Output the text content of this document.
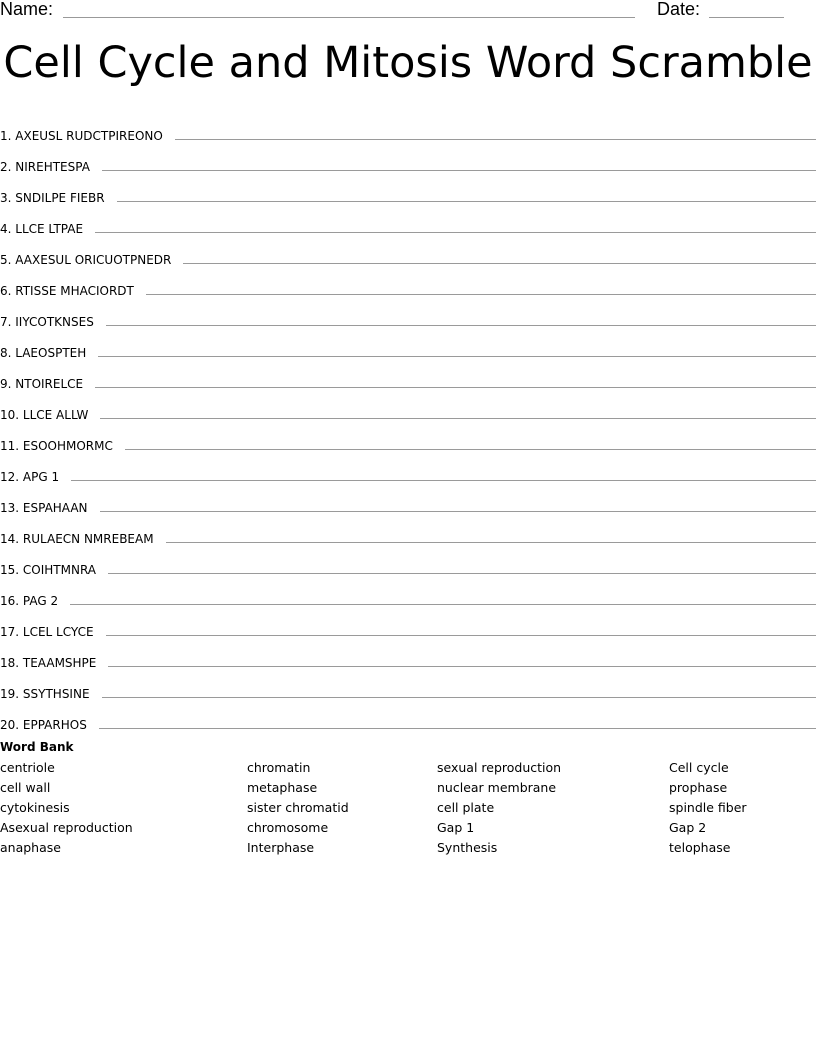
Name:	Date:
Cell Cycle and Mitosis Word Scramble
1. AXEUSL RUDCTPIREONO
2. NIREHTESPA
3. SNDILPE FIEBR
4. LLCE LTPAE
5. AAXESUL ORICUOTPNEDR
6. RTISSE MHACIORDT
7. IIYCOTKNSES
8. LAEOSPTEH
9. NTOIRELCE
10. LLCE ALLW
11. ESOOHMORMC
12. APG 1
13. ESPAHAAN
14. RULAECN NMREBEAM
15. COIHTMNRA
16. PAG 2
17. LCEL LCYCE
18. TEAAMSHPE
19. SSYTHSINE
20. EPPARHOS
Word Bank
centriole
cell wall
cytokinesis
Asexual reproduction
anaphase
chromatin
metaphase
sister chromatid
chromosome
Interphase
sexual reproduction
nuclear membrane
cell plate
Gap 1
Synthesis
Cell cycle
prophase
spindle fiber
Gap 2
telophase
